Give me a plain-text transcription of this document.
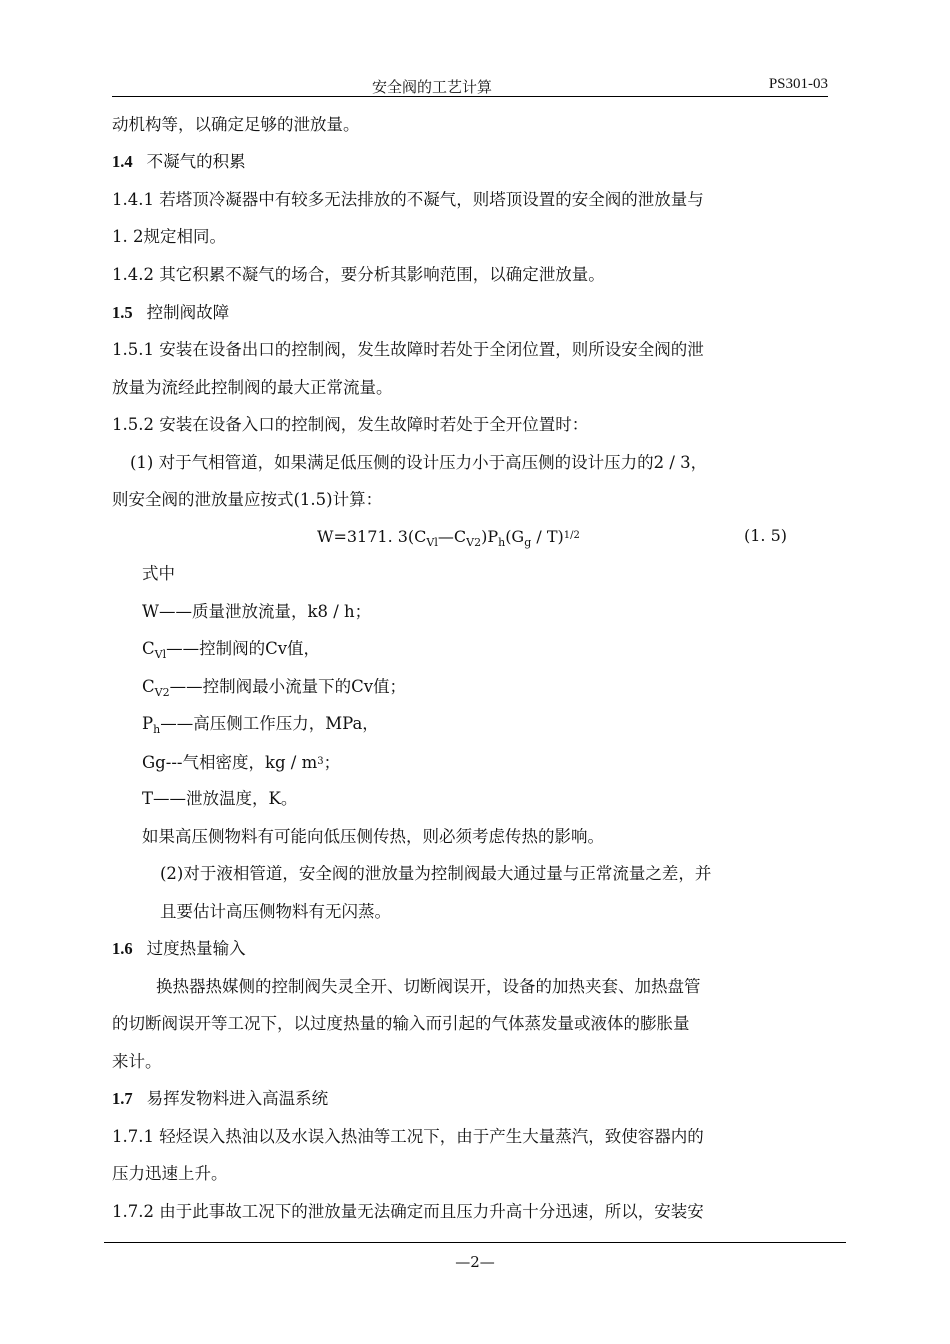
安全阀的工艺计算	PS301-03
动机构等，以确定足够的泄放量。
1.4 不凝气的积累
1.4.1 若塔顶冷凝器中有较多无法排放的不凝气，则塔顶设置的安全阀的泄放量与
1. 2规定相同。
1.4.2 其它积累不凝气的场合，要分析其影响范围，以确定泄放量。
1.5 控制阀故障
1.5.1 安装在设备出口的控制阀，发生故障时若处于全闭位置，则所设安全阀的泄
放量为流经此控制阀的最大正常流量。
1.5.2 安装在设备入口的控制阀，发生故障时若处于全开位置时：
(1) 对于气相管道，如果满足低压侧的设计压力小于高压侧的设计压力的2 / 3，
则安全阀的泄放量应按式(1.5)计算：
W=3171. $3(C_{Vl}—C_{V2})P_h(G_g / T)^{1/2}$	(1. 5)
式中
W——质量泄放流量，k8 / h；
$C_{Vl}——$控制阀的Cv值，
$C_{V2}——$控制阀最小流量下的Cv值；
$P_h——$高压侧工作压力，MPa，
Gg---气相密度，kg / $m^3$；
T——泄放温度，K。
如果高压侧物料有可能向低压侧传热，则必须考虑传热的影响。
(2)对于液相管道，安全阀的泄放量为控制阀最大通过量与正常流量之差，并
且要估计高压侧物料有无闪蒸。
1.6 过度热量输入
换热器热媒侧的控制阀失灵全开、切断阀误开，设备的加热夹套、加热盘管
的切断阀误开等工况下，以过度热量的输入而引起的气体蒸发量或液体的膨胀量
来计。
1.7 易挥发物料进入高温系统
1.7.1 轻烃误入热油以及水误入热油等工况下，由于产生大量蒸汽，致使容器内的
压力迅速上升。
1.7.2 由于此事故工况下的泄放量无法确定而且压力升高十分迅速，所以，安装安
—2—
